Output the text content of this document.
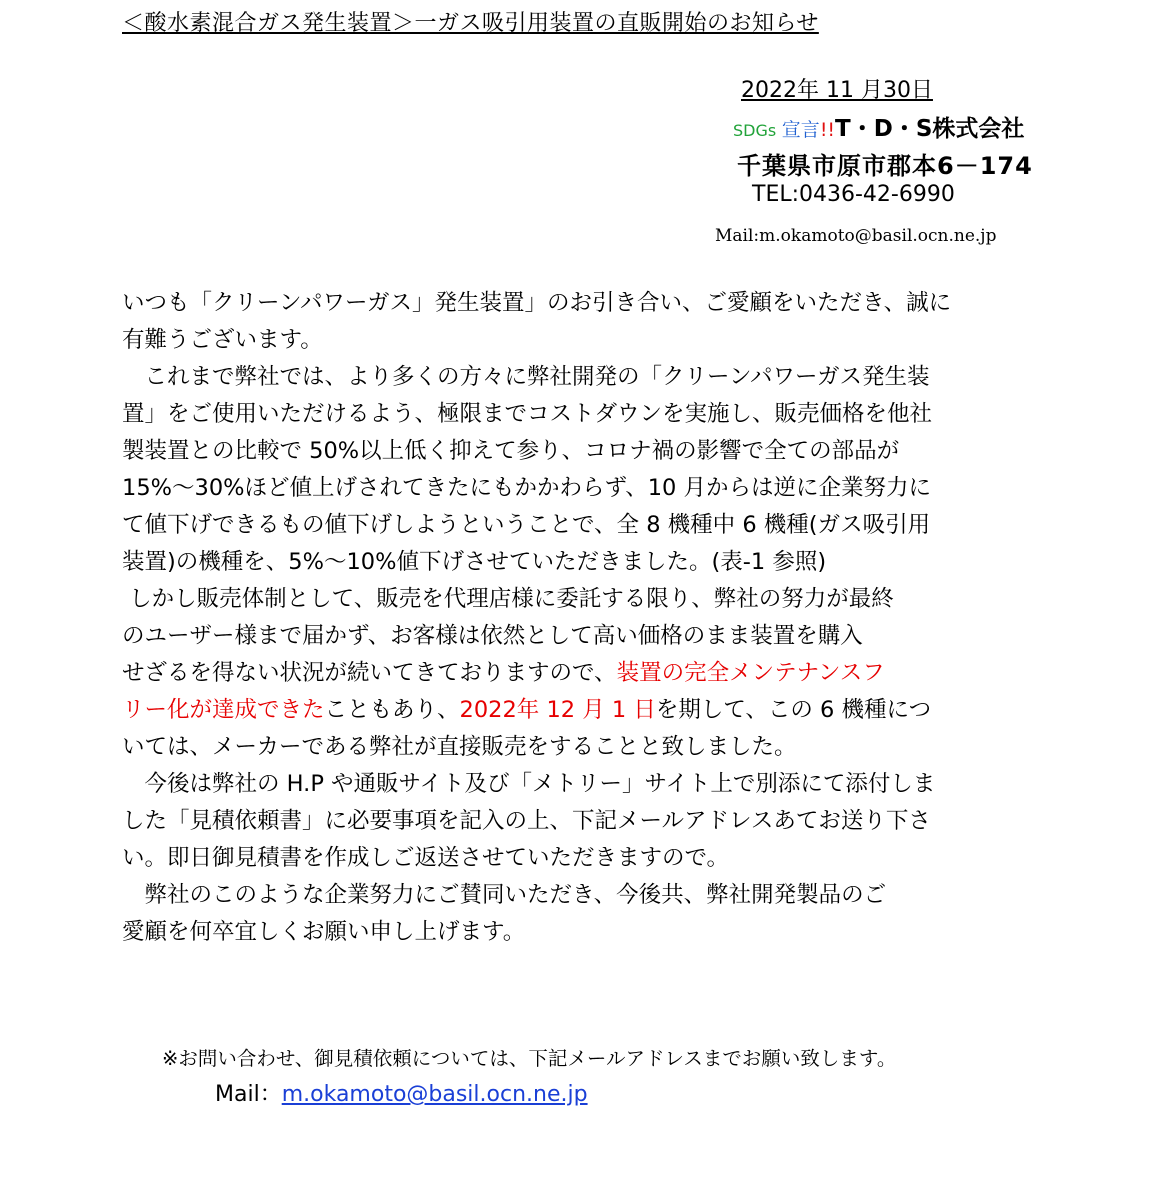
＜酸水素混合ガス発生装置＞一ガス吸引用装置の直販開始のお知らせ
2022年 11 月30日
SDGs 宣言!!T・D・S株式会社
千葉県市原市郡本6－174
TEL:0436-42-6990
Mail:m.okamoto@basil.ocn.ne.jp
いつも「クリーンパワーガス」発生装置」のお引き合い、ご愛顧をいただき、誠に
有難うございます。
　これまで弊社では、より多くの方々に弊社開発の「クリーンパワーガス発生装
置」をご使用いただけるよう、極限までコストダウンを実施し、販売価格を他社
製装置との比較で 50%以上低く抑えて参り、コロナ禍の影響で全ての部品が
15%～30%ほど値上げされてきたにもかかわらず、10 月からは逆に企業努力に
て値下げできるもの値下げしようということで、全 8 機種中 6 機種(ガス吸引用
装置)の機種を、5%～10%値下げさせていただきました。(表-1 参照)
しかし販売体制として、販売を代理店様に委託する限り、弊社の努力が最終
のユーザー様まで届かず、お客様は依然として高い価格のまま装置を購入
せざるを得ない状況が続いてきておりますので、装置の完全メンテナンスフ
リー化が達成できたこともあり、2022年 12 月 1 日を期して、この 6 機種につ
いては、メーカーである弊社が直接販売をすることと致しました。
　今後は弊社の H.P や通販サイト及び「メトリー」サイト上で別添にて添付しま
した「見積依頼書」に必要事項を記入の上、下記メールアドレスあてお送り下さ
い。即日御見積書を作成しご返送させていただきますので。
　弊社のこのような企業努力にご賛同いただき、今後共、弊社開発製品のご
愛顧を何卒宜しくお願い申し上げます。
※お問い合わせ、御見積依頼については、下記メールアドレスまでお願い致します。
Mail：m.okamoto@basil.ocn.ne.jp
